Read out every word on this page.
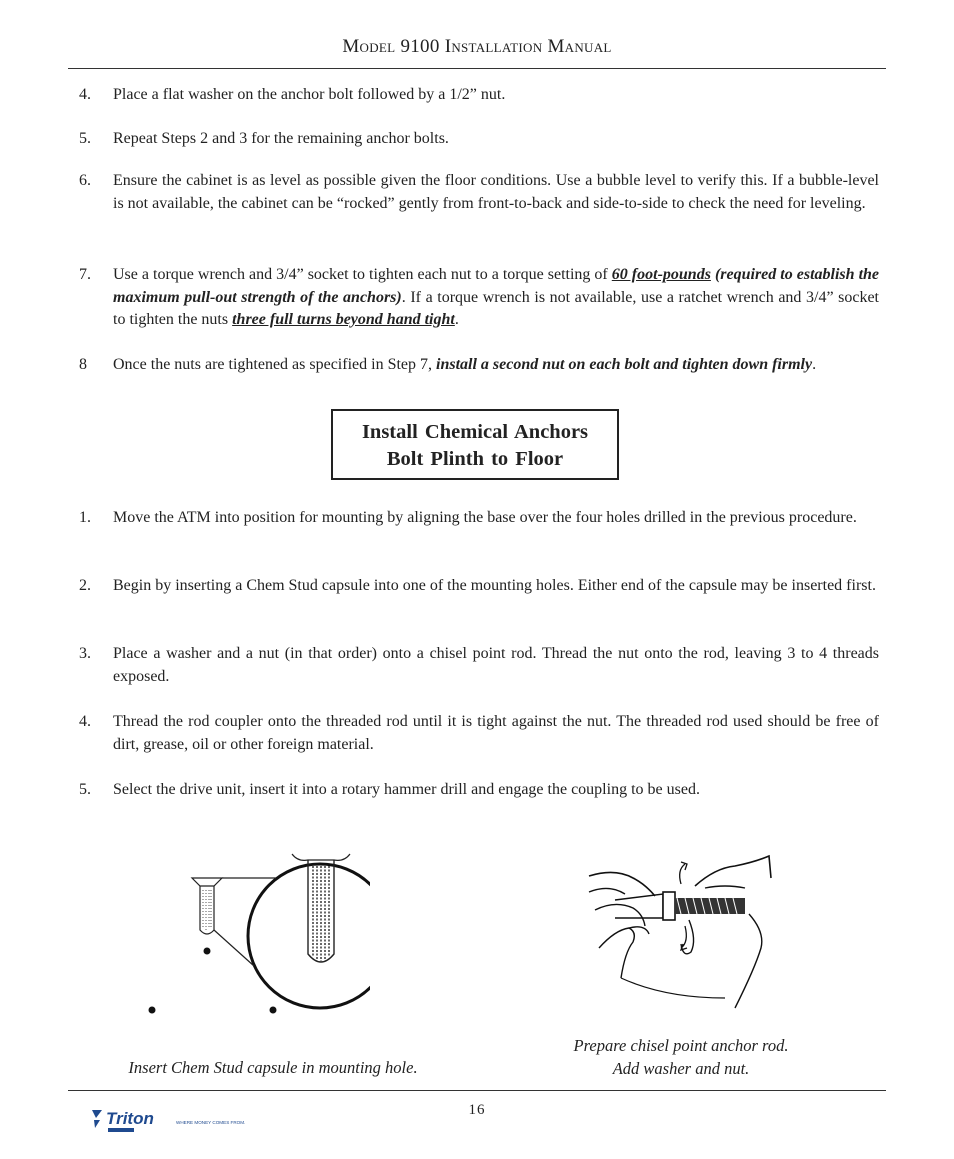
Model 9100 Installation Manual
4. Place a flat washer on the anchor bolt followed by a 1/2” nut.
5. Repeat Steps 2 and 3 for the remaining anchor bolts.
6. Ensure the cabinet is as level as possible given the floor conditions. Use a bubble level to verify this. If a bubble-level is not available, the cabinet can be “rocked” gently from front-to-back and side-to-side to check the need for leveling.
7. Use a torque wrench and 3/4” socket to tighten each nut to a torque setting of 60 foot-pounds (required to establish the maximum pull-out strength of the anchors). If a torque wrench is not available, use a ratchet wrench and 3/4” socket to tighten the nuts three full turns beyond hand tight.
8 Once the nuts are tightened as specified in Step 7, install a second nut on each bolt and tighten down firmly.
Install Chemical Anchors
Bolt Plinth to Floor
1. Move the ATM into position for mounting by aligning the base over the four holes drilled in the previous procedure.
2. Begin by inserting a Chem Stud capsule into one of the mounting holes. Either end of the capsule may be inserted first.
3. Place a washer and a nut (in that order) onto a chisel point rod. Thread the nut onto the rod, leaving 3 to 4 threads exposed.
4. Thread the rod coupler onto the threaded rod until it is tight against the nut. The threaded rod used should be free of dirt, grease, oil or other foreign material.
5. Select the drive unit, insert it into a rotary hammer drill and engage the coupling to be used.
Insert Chem Stud capsule in mounting hole.
Prepare chisel point anchor rod.
Add washer and nut.
16
Triton	WHERE MONEY COMES FROM.
